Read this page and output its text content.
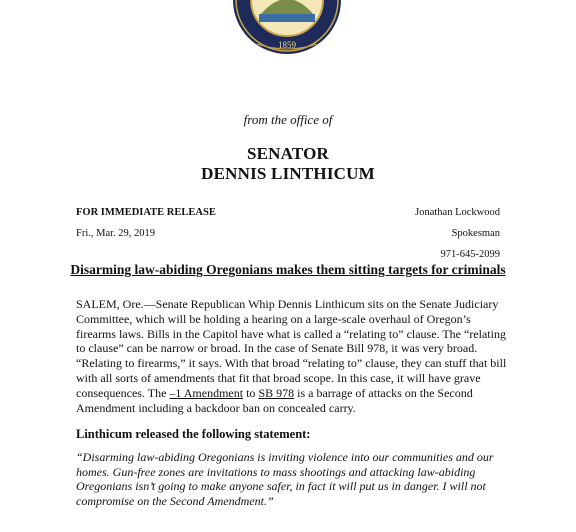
1859
from the office of
SENATOR
DENNIS LINTHICUM
FOR IMMEDIATE RELEASE
Fri., Mar. 29, 2019
Jonathan Lockwood
Spokesman
971-645-2099
Disarming law-abiding Oregonians makes them sitting targets for criminals
SALEM, Ore.—Senate Republican Whip Dennis Linthicum sits on the Senate Judiciary Committee, which will be holding a hearing on a large-scale overhaul of Oregon’s firearms laws. Bills in the Capitol have what is called a “relating to” clause. The “relating to clause” can be narrow or broad. In the case of Senate Bill 978, it was very broad. “Relating to firearms,” it says. With that broad “relating to” clause, they can stuff that bill with all sorts of amendments that fit that broad scope. In this case, it will have grave consequences. The –1 Amendment to SB 978 is a barrage of attacks on the Second Amendment including a backdoor ban on concealed carry.
Linthicum released the following statement:
“Disarming law-abiding Oregonians is inviting violence into our communities and our homes. Gun-free zones are invitations to mass shootings and attacking law-abiding Oregonians isn’t going to make anyone safer, in fact it will put us in danger. I will not compromise on the Second Amendment.”
